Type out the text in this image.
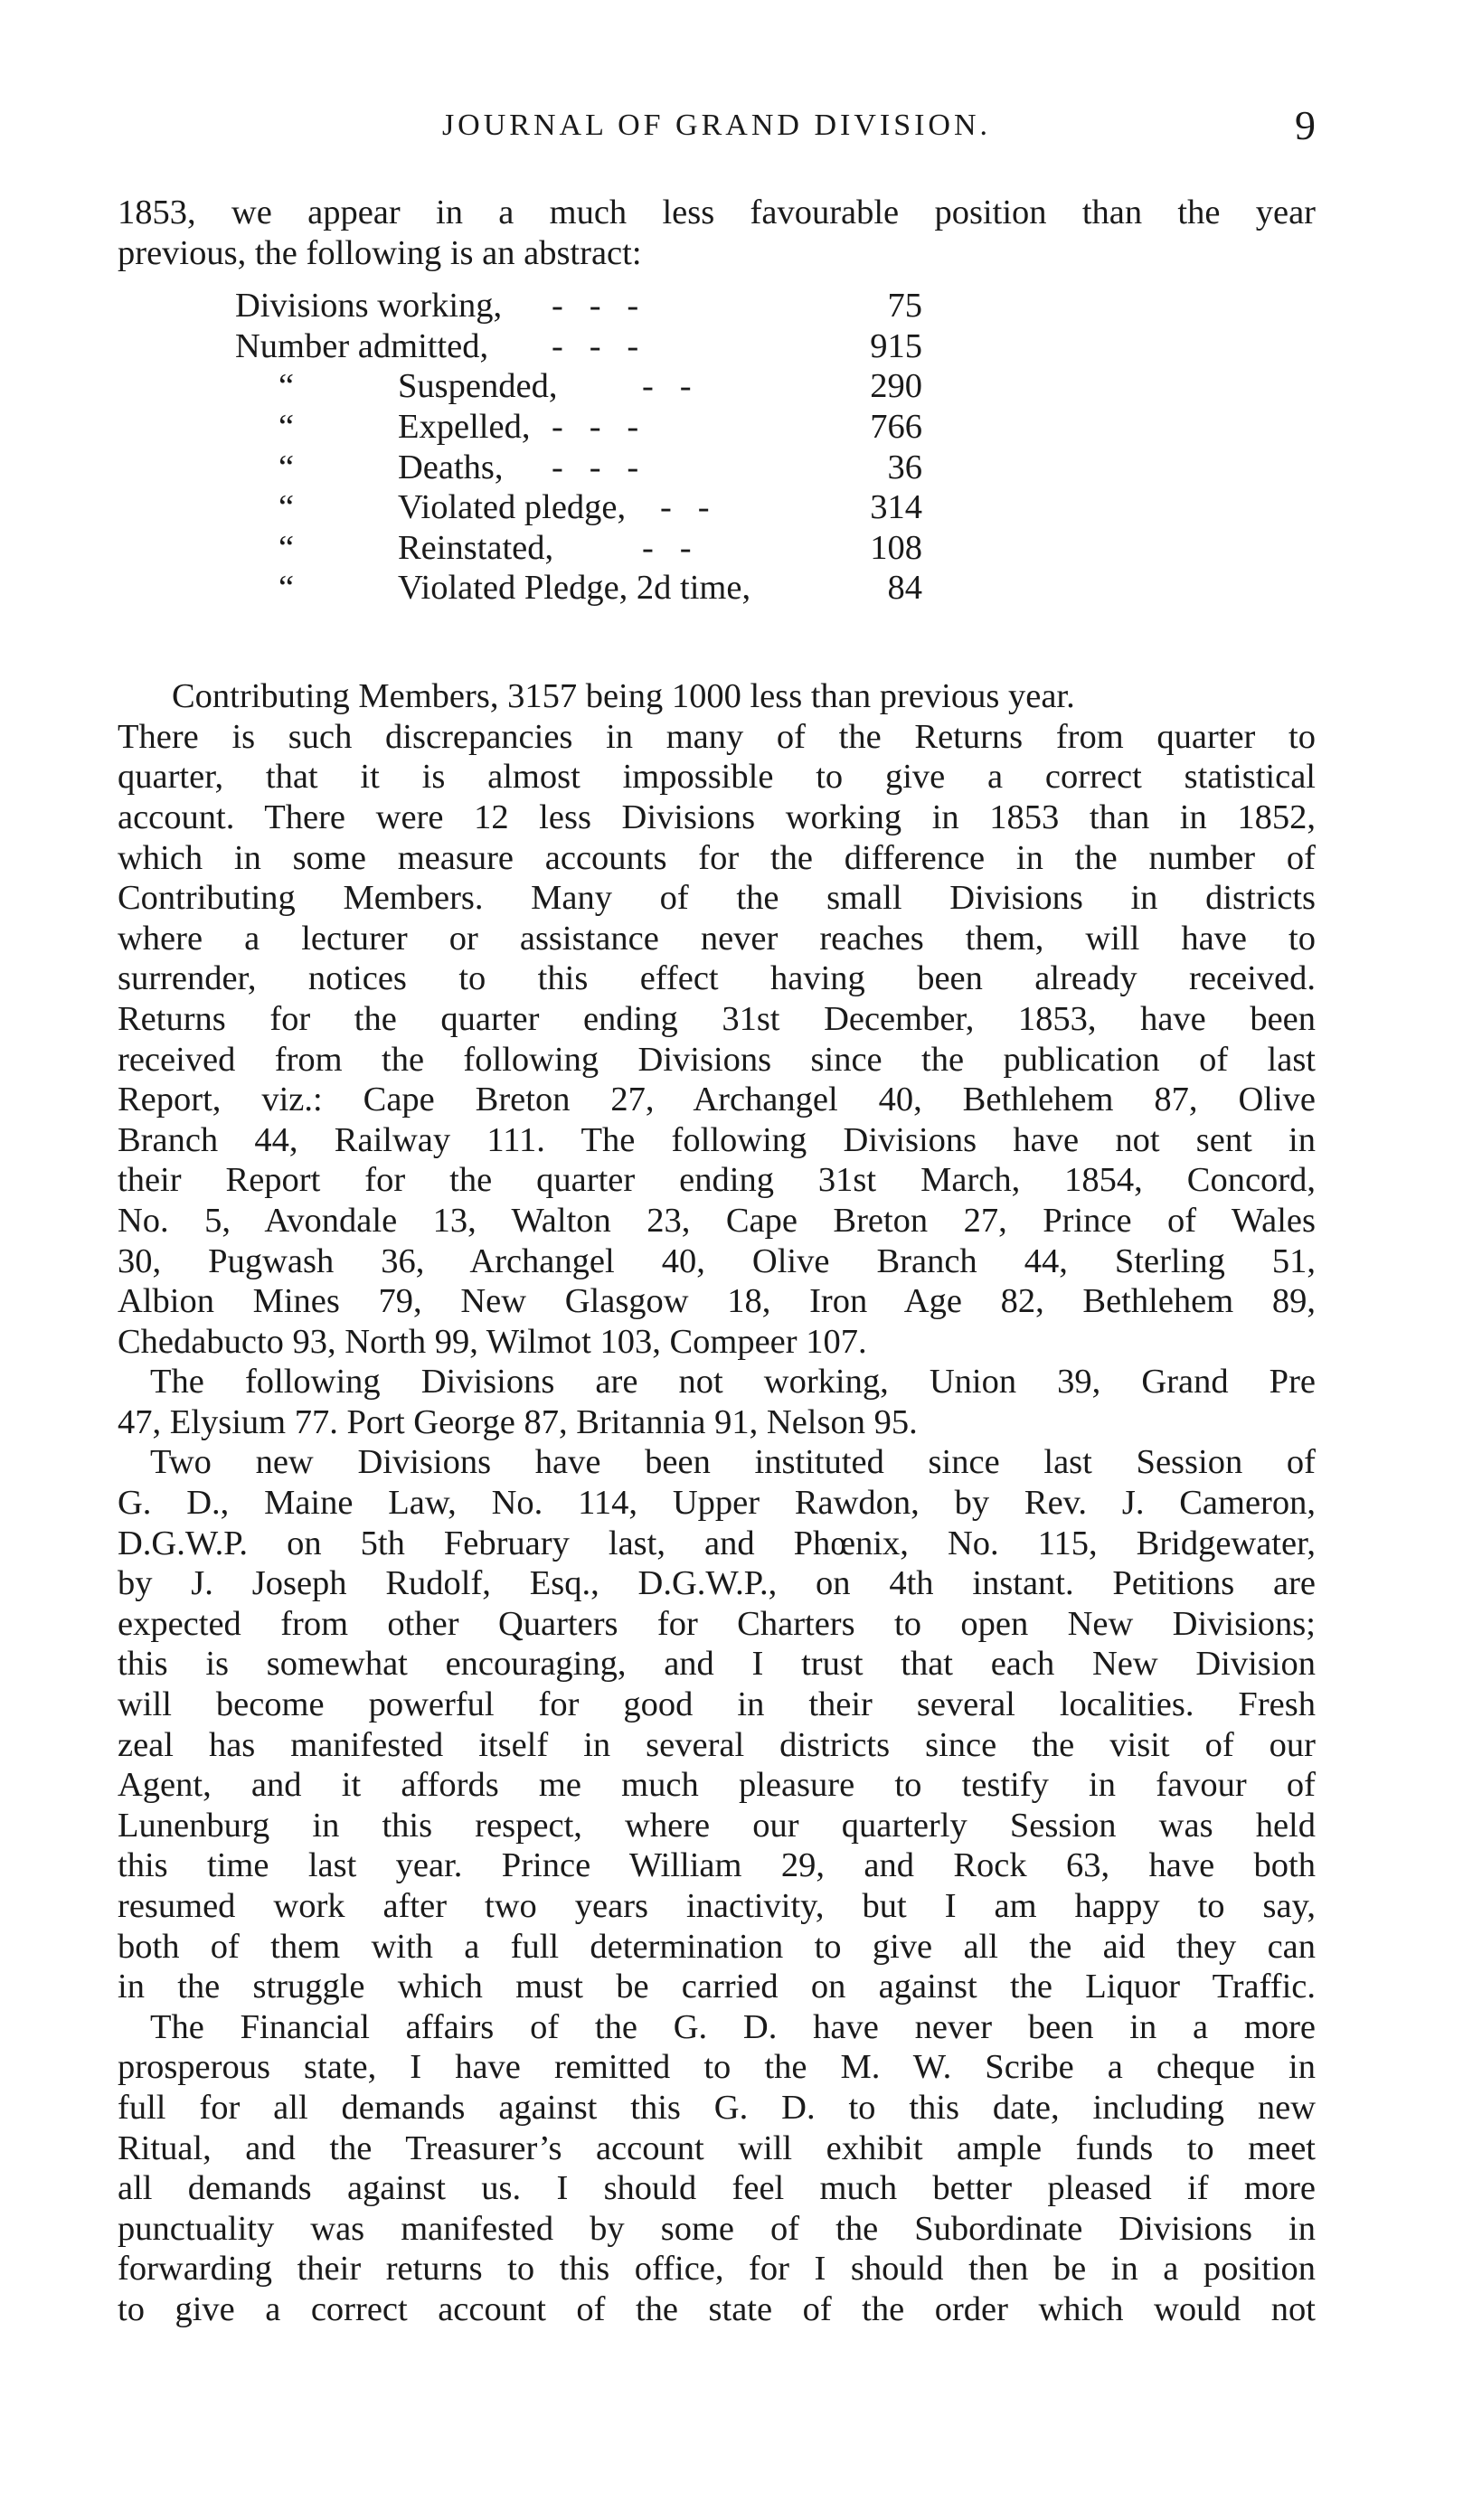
JOURNAL OF GRAND DIVISION.	9
1853, we appear in a much less favourable position than the year
previous, the following is an abstract:
Divisions working, -   -   -	75
Number admitted, -   -   -	915
“	Suspended, -   -	290
“	Expelled, -   -   -	766
“	Deaths, -   -   -	36
“	Violated pledge, -   -	314
“	Reinstated,	-   -	108
“	Violated Pledge, 2d time,	84
Contributing Members, 3157 being 1000 less than previous year.
There is such discrepancies in many of the Returns from quarter to
quarter, that it is almost impossible to give a correct statistical
account. There were 12 less Divisions working in 1853 than in 1852,
which in some measure accounts for the difference in the number of
Contributing Members. Many of the small Divisions in districts
where a lecturer or assistance never reaches them, will have to
surrender, notices to this effect having been already received.
Returns for the quarter ending 31st December, 1853, have been
received from the following Divisions since the publication of last
Report, viz.: Cape Breton 27, Archangel 40, Bethlehem 87, Olive
Branch 44, Railway 111. The following Divisions have not sent in
their Report for the quarter ending 31st March, 1854, Concord,
No. 5, Avondale 13, Walton 23, Cape Breton 27, Prince of Wales
30, Pugwash 36, Archangel 40, Olive Branch 44, Sterling 51,
Albion Mines 79, New Glasgow 18, Iron Age 82, Bethlehem 89,
Chedabucto 93, North 99, Wilmot 103, Compeer 107.
The following Divisions are not working, Union 39, Grand Pre
47, Elysium 77. Port George 87, Britannia 91, Nelson 95.
Two new Divisions have been instituted since last Session of
G. D., Maine Law, No. 114, Upper Rawdon, by Rev. J. Cameron,
D.G.W.P. on 5th February last, and Phœnix, No. 115, Bridgewater,
by J. Joseph Rudolf, Esq., D.G.W.P., on 4th instant. Petitions are
expected from other Quarters for Charters to open New Divisions;
this is somewhat encouraging, and I trust that each New Division
will become powerful for good in their several localities. Fresh
zeal has manifested itself in several districts since the visit of our
Agent, and it affords me much pleasure to testify in favour of
Lunenburg in this respect, where our quarterly Session was held
this time last year. Prince William 29, and Rock 63, have both
resumed work after two years inactivity, but I am happy to say,
both of them with a full determination to give all the aid they can
in the struggle which must be carried on against the Liquor Traffic.
The Financial affairs of the G. D. have never been in a more
prosperous state, I have remitted to the M. W. Scribe a cheque in
full for all demands against this G. D. to this date, including new
Ritual, and the Treasurer’s account will exhibit ample funds to meet
all demands against us. I should feel much better pleased if more
punctuality was manifested by some of the Subordinate Divisions in
forwarding their returns to this office, for I should then be in a position
to give a correct account of the state of the order which would not
